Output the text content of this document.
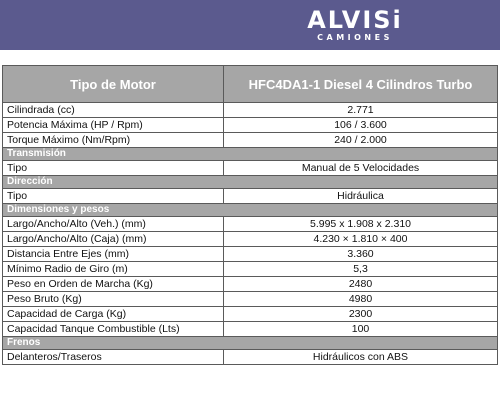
ALVISi
CAMIONES
Tipo de Motor	HFC4DA1-1 Diesel 4 Cilindros Turbo
Cilindrada (cc)	2.771
Potencia Máxima (HP / Rpm)	106 / 3.600
Torque Máximo (Nm/Rpm)	240 / 2.000
Transmisión	
Tipo	Manual de 5 Velocidades
Dirección	
Tipo	Hidráulica
Dimensiones y pesos	
Largo/Ancho/Alto (Veh.) (mm)	5.995 x 1.908 x 2.310
Largo/Ancho/Alto (Caja) (mm)	4.230 × 1.810 × 400
Distancia Entre Ejes (mm)	3.360
Mínimo Radio de Giro (m)	5,3
Peso en Orden de Marcha (Kg)	2480
Peso Bruto (Kg)	4980
Capacidad de Carga (Kg)	2300
Capacidad Tanque Combustible (Lts)	100
Frenos	
Delanteros/Traseros	Hidráulicos con ABS
